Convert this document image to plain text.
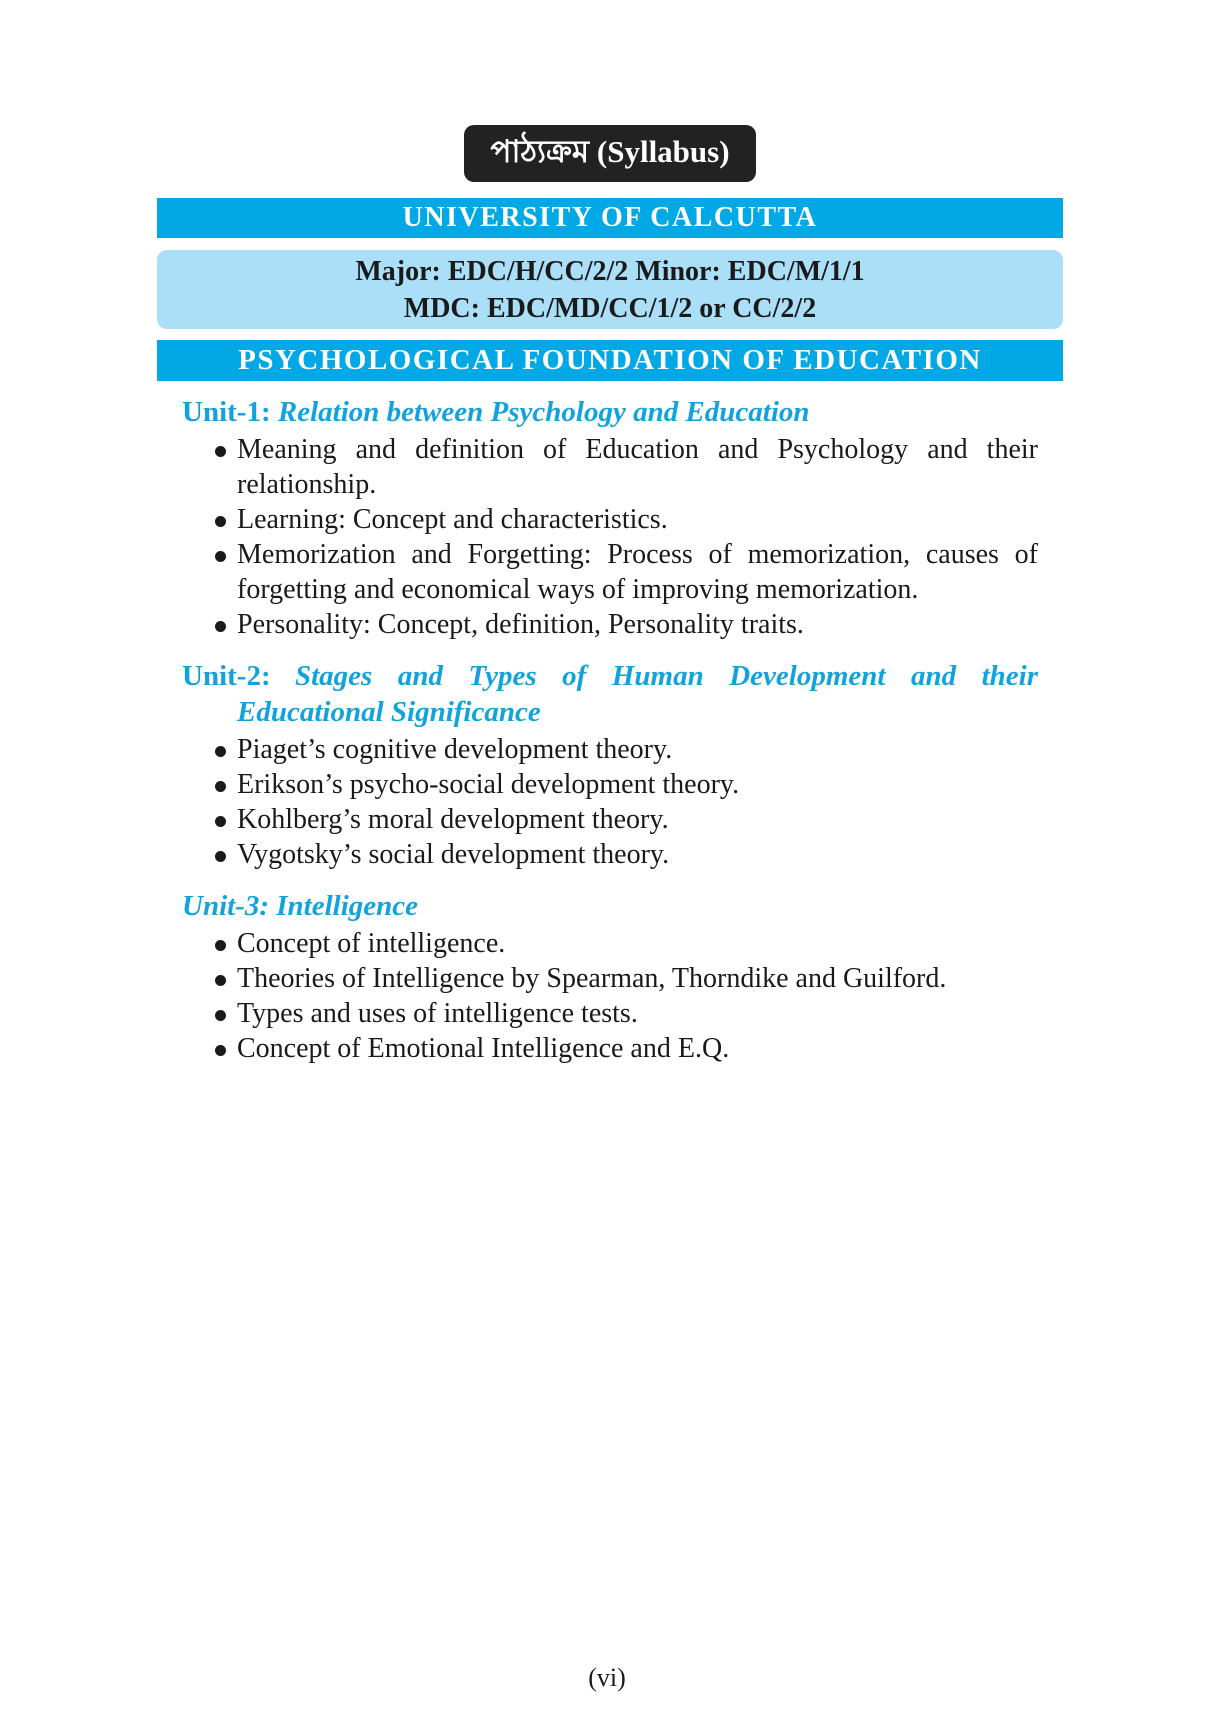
পাঠ্যক্রম (Syllabus)
UNIVERSITY OF CALCUTTA
Major: EDC/H/CC/2/2 Minor: EDC/M/1/1
MDC: EDC/MD/CC/1/2 or CC/2/2
PSYCHOLOGICAL FOUNDATION OF EDUCATION
Unit-1: Relation between Psychology and Education
Meaning and definition of Education and Psychology and their relationship.
Learning: Concept and characteristics.
Memorization and Forgetting: Process of memorization, causes of forgetting and economical ways of improving memorization.
Personality: Concept, definition, Personality traits.
Unit-2: Stages and Types of Human Development and their Educational Significance
Piaget’s cognitive development theory.
Erikson’s psycho-social development theory.
Kohlberg’s moral development theory.
Vygotsky’s social development theory.
Unit-3: Intelligence
Concept of intelligence.
Theories of Intelligence by Spearman, Thorndike and Guilford.
Types and uses of intelligence tests.
Concept of Emotional Intelligence and E.Q.
(vi)
